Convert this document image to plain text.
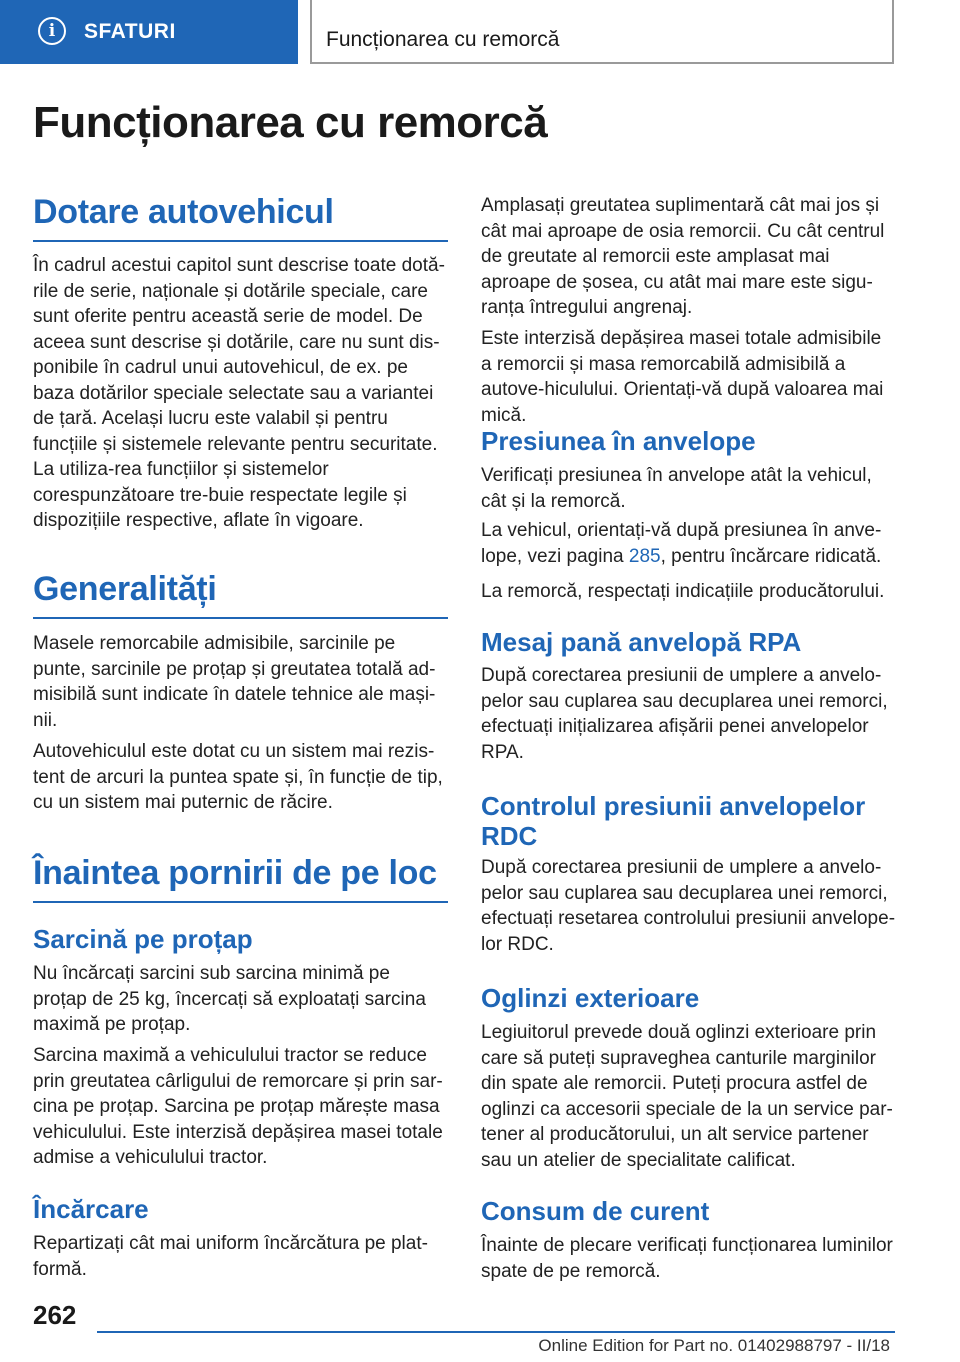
i	SFATURI	Funcționarea cu remorcă
Funcționarea cu remorcă
Dotare autovehicul

În cadrul acestui capitol sunt descrise toate dotă-rile de serie, naționale și dotările speciale, care sunt oferite pentru această serie de model. De aceea sunt descrise și dotările, care nu sunt dis-ponibile în cadrul unui autovehicul, de ex. pe baza dotărilor speciale selectate sau a variantei de țară. Același lucru este valabil și pentru funcțiile și sistemele relevante pentru securitate. La utiliza-rea funcțiilor și sistemelor corespunzătoare tre-buie respectate legile și dispozițiile respective, aflate în vigoare.

Generalități

Masele remorcabile admisibile, sarcinile pe punte, sarcinile pe proțap și greutatea totală ad-misibilă sunt indicate în datele tehnice ale mași-nii.

Autovehiculul este dotat cu un sistem mai rezis-tent de arcuri la puntea spate și, în funcție de tip, cu un sistem mai puternic de răcire.

Înaintea pornirii de pe loc
Sarcină pe proțap

Nu încărcați sarcini sub sarcina minimă pe proțap de 25 kg, încercați să exploatați sarcina maximă pe proțap.

Sarcina maximă a vehiculului tractor se reduce prin greutatea cârligului de remorcare și prin sar-cina pe proțap. Sarcina pe proțap mărește masa vehiculului. Este interzisă depășirea masei totale admise a vehiculului tractor.

Încărcare

Repartizați cât mai uniform încărcătura pe plat-formă.

Amplasați greutatea suplimentară cât mai jos și cât mai aproape de osia remorcii. Cu cât centrul de greutate al remorcii este amplasat mai aproape de șosea, cu atât mai mare este sigu-ranța întregului angrenaj.

Este interzisă depășirea masei totale admisibile a remorcii și masa remorcabilă admisibilă a autove-hiculului. Orientați-vă după valoarea mai mică.

Presiunea în anvelope

Verificați presiunea în anvelope atât la vehicul, cât și la remorcă.

La vehicul, orientați-vă după presiunea în anve-lope, vezi pagina 285, pentru încărcare ridicată.

La remorcă, respectați indicațiile producătorului.

Mesaj pană anvelopă RPA

După corectarea presiunii de umplere a anvelo-pelor sau cuplarea sau decuplarea unei remorci, efectuați inițializarea afișării penei anvelopelor RPA.

Controlul presiunii anvelopelor RDC

După corectarea presiunii de umplere a anvelo-pelor sau cuplarea sau decuplarea unei remorci, efectuați resetarea controlului presiunii anvelope-lor RDC.

Oglinzi exterioare

Legiuitorul prevede două oglinzi exterioare prin care să puteți supraveghea canturile marginilor din spate ale remorcii. Puteți procura astfel de oglinzi ca accesorii speciale de la un service par-tener al producătorului, un alt service partener sau un atelier de specialitate calificat.

Consum de curent

Înainte de plecare verificați funcționarea luminilor spate de pe remorcă.

262
Online Edition for Part no. 01402988797 - II/18
